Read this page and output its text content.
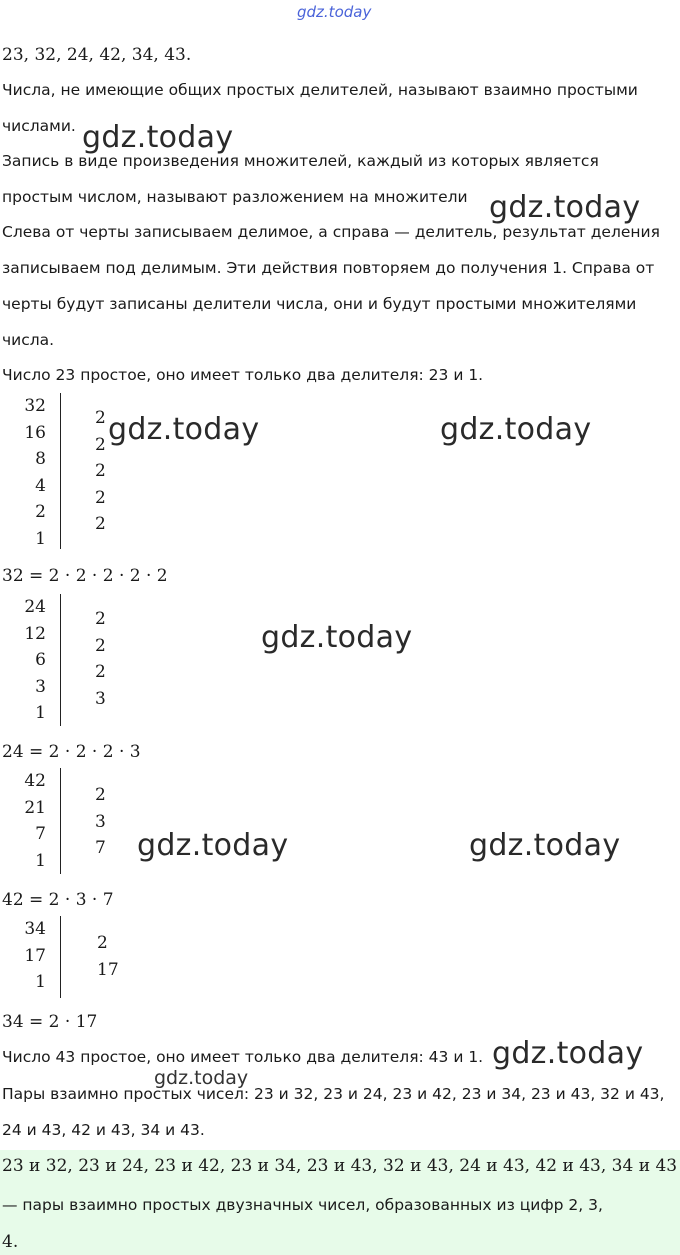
gdz.today
23, 32, 24, 42, 34, 43.
Числа, не имеющие общих простых делителей, называют взаимно простыми
числами.
Запись в виде произведения множителей, каждый из которых является
простым числом, называют разложением на множители
Слева от черты записываем делимое, а справа — делитель, результат деления
записываем под делимым. Эти действия повторяем до получения 1. Справа от
черты будут записаны делители числа, они и будут простыми множителями
числа.
Число 23 простое, оно имеет только два делителя: 23 и 1.
32
16
8
4
2
1
2
2
2
2
2
32 = 2 · 2 · 2 · 2 · 2
24
12
6
3
1
2
2
2
3
24 = 2 · 2 · 2 · 3
42
21
7
1
2
3
7
42 = 2 · 3 · 7
34
17
1
2
17
34 = 2 · 17
Число 43 простое, оно имеет только два делителя: 43 и 1.
Пары взаимно простых чисел: 23 и 32, 23 и 24, 23 и 42, 23 и 34, 23 и 43, 32 и 43,
24 и 43, 42 и 43, 34 и 43.
23 и 32, 23 и 24, 23 и 42, 23 и 34, 23 и 43, 32 и 43, 24 и 43, 42 и 43, 34 и 43
— пары взаимно простых двузначных чисел, образованных из цифр 2, 3,
4.
gdz.today
gdz.today
gdz.today	gdz.today
gdz.today
gdz.today	gdz.today
gdz.today
gdz.today
